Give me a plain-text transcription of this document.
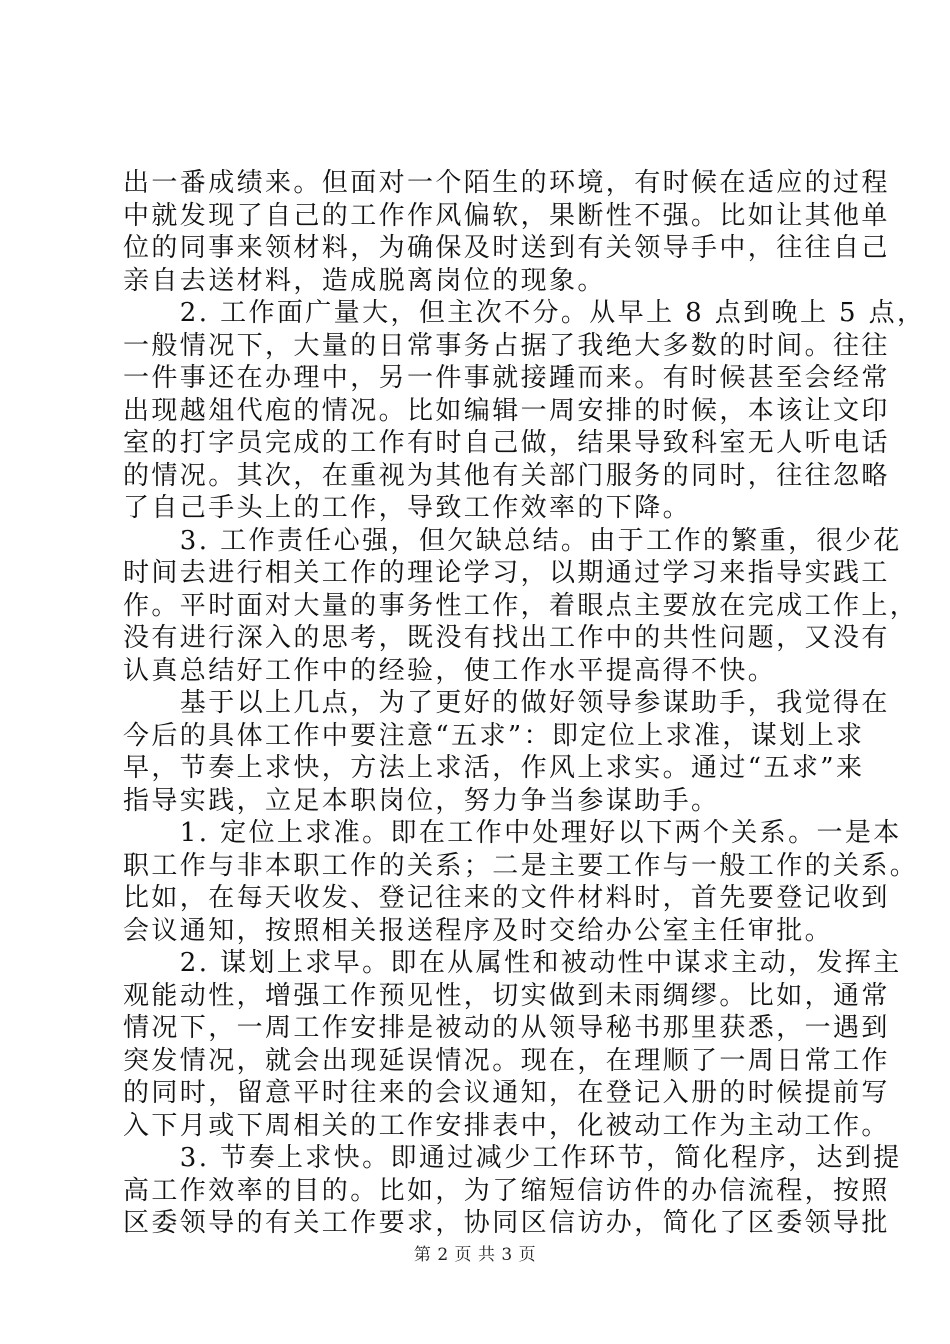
出一番成绩来。但面对一个陌生的环境，有时候在适应的过程
中就发现了自己的工作作风偏软，果断性不强。比如让其他单
位的同事来领材料，为确保及时送到有关领导手中，往往自己
亲自去送材料，造成脱离岗位的现象。
　　2. 工作面广量大，但主次不分。从早上 8 点到晚上 5 点，
一般情况下，大量的日常事务占据了我绝大多数的时间。往往
一件事还在办理中，另一件事就接踵而来。有时候甚至会经常
出现越俎代庖的情况。比如编辑一周安排的时候，本该让文印
室的打字员完成的工作有时自己做，结果导致科室无人听电话
的情况。其次，在重视为其他有关部门服务的同时，往往忽略
了自己手头上的工作，导致工作效率的下降。
　　3. 工作责任心强，但欠缺总结。由于工作的繁重，很少花
时间去进行相关工作的理论学习，以期通过学习来指导实践工
作。平时面对大量的事务性工作，着眼点主要放在完成工作上，
没有进行深入的思考，既没有找出工作中的共性问题，又没有
认真总结好工作中的经验，使工作水平提高得不快。
　　基于以上几点，为了更好的做好领导参谋助手，我觉得在
今后的具体工作中要注意“五求”：即定位上求准，谋划上求
早，节奏上求快，方法上求活，作风上求实。通过“五求”来
指导实践，立足本职岗位，努力争当参谋助手。
　　1. 定位上求准。即在工作中处理好以下两个关系。一是本
职工作与非本职工作的关系；二是主要工作与一般工作的关系。
比如，在每天收发、登记往来的文件材料时，首先要登记收到
会议通知，按照相关报送程序及时交给办公室主任审批。
　　2. 谋划上求早。即在从属性和被动性中谋求主动，发挥主
观能动性，增强工作预见性，切实做到未雨绸缪。比如，通常
情况下，一周工作安排是被动的从领导秘书那里获悉，一遇到
突发情况，就会出现延误情况。现在，在理顺了一周日常工作
的同时，留意平时往来的会议通知，在登记入册的时候提前写
入下月或下周相关的工作安排表中，化被动工作为主动工作。
　　3. 节奏上求快。即通过减少工作环节，简化程序，达到提
高工作效率的目的。比如，为了缩短信访件的办信流程，按照
区委领导的有关工作要求，协同区信访办，简化了区委领导批
第 2 页 共 3 页
